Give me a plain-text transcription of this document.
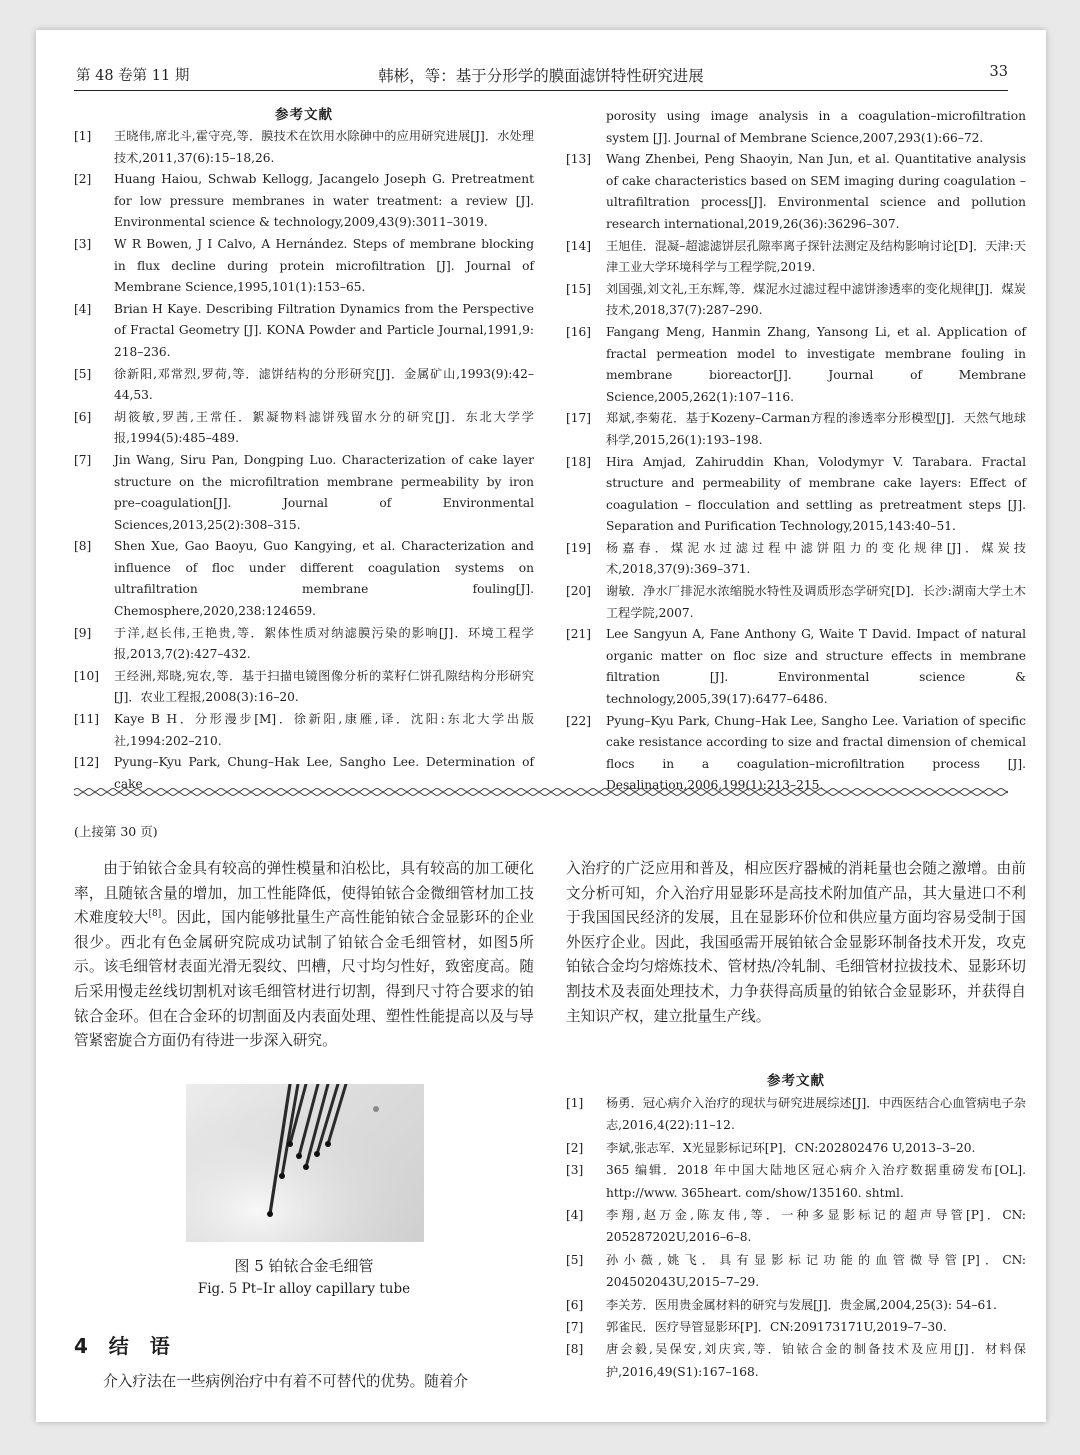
第 48 卷第 11 期	韩彬，等：基于分形学的膜面滤饼特性研究进展	33
参考文献
[1] 王晓伟,席北斗,霍守亮,等．膜技术在饮用水除砷中的应用研究进展[J]．水处理技术,2011,37(6):15–18,26.
[2] Huang Haiou, Schwab Kellogg, Jacangelo Joseph G. Pretreatment for low pressure membranes in water treatment: a review [J]. Environmental science & technology,2009,43(9):3011–3019.
[3] W R Bowen, J I Calvo, A Hernández. Steps of membrane blocking in flux decline during protein microfiltration [J]. Journal of Membrane Science,1995,101(1):153–65.
[4] Brian H Kaye. Describing Filtration Dynamics from the Perspective of Fractal Geometry [J]. KONA Powder and Particle Journal,1991,9: 218–236.
[5] 徐新阳,邓常烈,罗荷,等．滤饼结构的分形研究[J]．金属矿山,1993(9):42–44,53.
[6] 胡筱敏,罗茜,王常任．絮凝物料滤饼残留水分的研究[J]．东北大学学报,1994(5):485–489.
[7] Jin Wang, Siru Pan, Dongping Luo. Characterization of cake layer structure on the microfiltration membrane permeability by iron pre–coagulation[J]. Journal of Environmental Sciences,2013,25(2):308–315.
[8] Shen Xue, Gao Baoyu, Guo Kangying, et al. Characterization and influence of floc under different coagulation systems on ultrafiltration membrane fouling[J]. Chemosphere,2020,238:124659.
[9] 于洋,赵长伟,王艳贵,等．絮体性质对纳滤膜污染的影响[J]．环境工程学报,2013,7(2):427–432.
[10] 王经洲,郑晓,宛农,等．基于扫描电镜图像分析的菜籽仁饼孔隙结构分形研究[J]．农业工程报,2008(3):16–20.
[11] Kaye B H．分形漫步[M]．徐新阳,康雁,译．沈阳:东北大学出版社,1994:202–210.
[12] Pyung–Kyu Park, Chung–Hak Lee, Sangho Lee. Determination of cake
porosity using image analysis in a coagulation–microfiltration system [J]. Journal of Membrane Science,2007,293(1):66–72.
[13] Wang Zhenbei, Peng Shaoyin, Nan Jun, et al. Quantitative analysis of cake characteristics based on SEM imaging during coagulation – ultrafiltration process[J]. Environmental science and pollution research international,2019,26(36):36296–307.
[14] 王旭佳．混凝–超滤滤饼层孔隙率离子探针法测定及结构影响讨论[D]．天津:天津工业大学环境科学与工程学院,2019.
[15] 刘国强,刘文礼,王东辉,等．煤泥水过滤过程中滤饼渗透率的变化规律[J]．煤炭技术,2018,37(7):287–290.
[16] Fangang Meng, Hanmin Zhang, Yansong Li, et al. Application of fractal permeation model to investigate membrane fouling in membrane bioreactor[J]. Journal of Membrane Science,2005,262(1):107–116.
[17] 郑斌,李菊花．基于Kozeny–Carman方程的渗透率分形模型[J]．天然气地球科学,2015,26(1):193–198.
[18] Hira Amjad, Zahiruddin Khan, Volodymyr V. Tarabara. Fractal structure and permeability of membrane cake layers: Effect of coagulation – flocculation and settling as pretreatment steps [J]. Separation and Purification Technology,2015,143:40–51.
[19] 杨嘉春．煤泥水过滤过程中滤饼阻力的变化规律[J]．煤炭技术,2018,37(9):369–371.
[20] 谢敏．净水厂排泥水浓缩脱水特性及调质形态学研究[D]．长沙:湖南大学土木工程学院,2007.
[21] Lee Sangyun A, Fane Anthony G, Waite T David. Impact of natural organic matter on floc size and structure effects in membrane filtration [J]. Environmental science & technology,2005,39(17):6477–6486.
[22] Pyung–Kyu Park, Chung–Hak Lee, Sangho Lee. Variation of specific cake resistance according to size and fractal dimension of chemical flocs in a coagulation–microfiltration process [J]. Desalination,2006,199(1):213–215.
(上接第 30 页)
由于铂铱合金具有较高的弹性模量和泊松比，具有较高的加工硬化率，且随铱含量的增加，加工性能降低，使得铂铱合金微细管材加工技术难度较大[8]。因此，国内能够批量生产高性能铂铱合金显影环的企业很少。西北有色金属研究院成功试制了铂铱合金毛细管材，如图5所示。该毛细管材表面光滑无裂纹、凹槽，尺寸均匀性好，致密度高。随后采用慢走丝线切割机对该毛细管材进行切割，得到尺寸符合要求的铂铱合金环。但在合金环的切割面及内表面处理、塑性性能提高以及与导管紧密旋合方面仍有待进一步深入研究。
图 5 铂铱合金毛细管
Fig. 5 Pt–Ir alloy capillary tube
4   结   语
介入疗法在一些病例治疗中有着不可替代的优势。随着介
入治疗的广泛应用和普及，相应医疗器械的消耗量也会随之激增。由前文分析可知，介入治疗用显影环是高技术附加值产品，其大量进口不利于我国国民经济的发展，且在显影环价位和供应量方面均容易受制于国外医疗企业。因此，我国亟需开展铂铱合金显影环制备技术开发，攻克铂铱合金均匀熔炼技术、管材热/冷轧制、毛细管材拉拔技术、显影环切割技术及表面处理技术，力争获得高质量的铂铱合金显影环，并获得自主知识产权，建立批量生产线。
参考文献
[1] 杨勇．冠心病介入治疗的现状与研究进展综述[J]．中西医结合心血管病电子杂志,2016,4(22):11–12.
[2] 李斌,张志军．X光显影标记环[P]．CN:202802476 U,2013–3–20.
[3] 365 编辑．2018 年中国大陆地区冠心病介入治疗数据重磅发布[OL]. http://www. 365heart. com/show/135160. shtml.
[4] 李翔,赵万金,陈友伟,等．一种多显影标记的超声导管[P]．CN: 205287202U,2016–6–8.
[5] 孙小薇,姚飞．具有显影标记功能的血管微导管[P]．CN: 204502043U,2015–7–29.
[6] 李关芳．医用贵金属材料的研究与发展[J]．贵金属,2004,25(3): 54–61.
[7] 郭雀民．医疗导管显影环[P]．CN:209173171U,2019–7–30.
[8] 唐会毅,吴保安,刘庆宾,等．铂铱合金的制备技术及应用[J]．材料保护,2016,49(S1):167–168.
